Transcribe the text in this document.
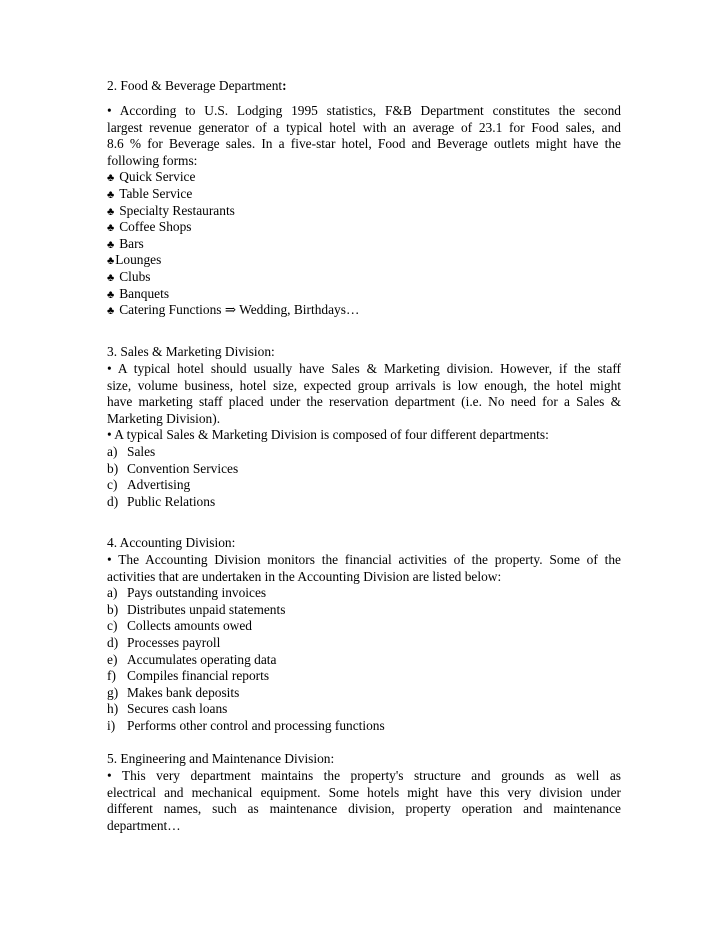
2. Food & Beverage Department:
• According to U.S. Lodging 1995 statistics, F&B Department constitutes the second
largest revenue generator of a typical hotel with an average of 23.1 for Food sales, and
8.6 % for Beverage sales. In a five-star hotel, Food and Beverage outlets might have the
following forms:
♣ Quick Service
♣ Table Service
♣ Specialty Restaurants
♣ Coffee Shops
♣ Bars
♣Lounges
♣ Clubs
♣ Banquets
♣ Catering Functions ⇒ Wedding, Birthdays…
3. Sales & Marketing Division:
• A typical hotel should usually have Sales & Marketing division. However, if the staff
size, volume business, hotel size, expected group arrivals is low enough, the hotel might
have marketing staff placed under the reservation department (i.e. No need for a Sales &
Marketing Division).
• A typical Sales & Marketing Division is composed of four different departments:
a) Sales
b) Convention Services
c) Advertising
d) Public Relations
4. Accounting Division:
• The Accounting Division monitors the financial activities of the property. Some of the
activities that are undertaken in the Accounting Division are listed below:
a) Pays outstanding invoices
b) Distributes unpaid statements
c) Collects amounts owed
d) Processes payroll
e) Accumulates operating data
f) Compiles financial reports
g) Makes bank deposits
h) Secures cash loans
i) Performs other control and processing functions
5. Engineering and Maintenance Division:
• This very department maintains the property's structure and grounds as well as
electrical and mechanical equipment. Some hotels might have this very division under
different names, such as maintenance division, property operation and maintenance
department…
